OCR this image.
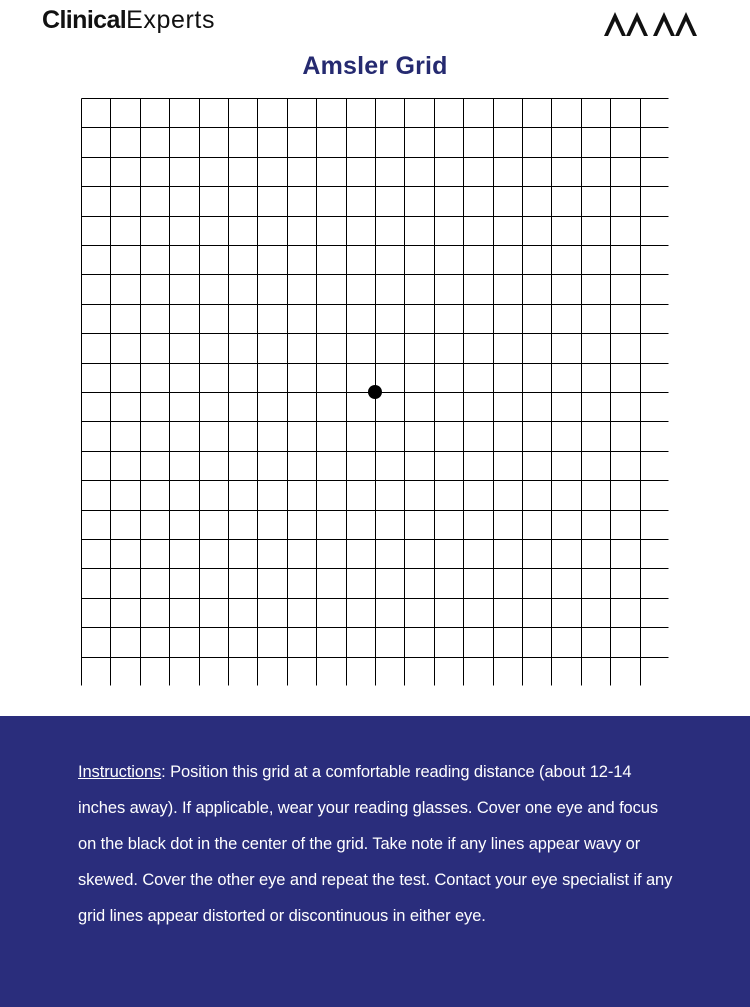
ClinicalExperts
Amsler Grid
Instructions: Position this grid at a comfortable reading distance (about 12-14 inches away). If applicable, wear your reading glasses. Cover one eye and focus on the black dot in the center of the grid. Take note if any lines appear wavy or skewed. Cover the other eye and repeat the test. Contact your eye specialist if any grid lines appear distorted or discontinuous in either eye.
